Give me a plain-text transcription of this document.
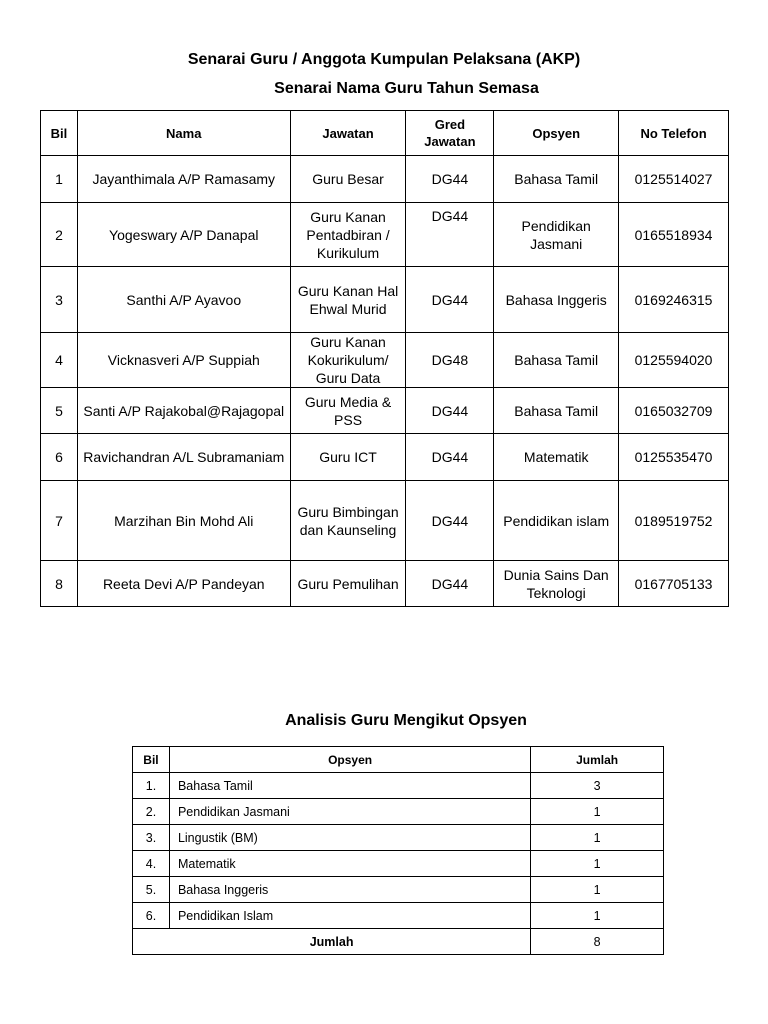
Senarai Guru / Anggota Kumpulan Pelaksana (AKP)
Senarai Nama Guru Tahun Semasa
Bil	Nama	Jawatan	Gred Jawatan	Opsyen	No Telefon
1	Jayanthimala A/P Ramasamy	Guru Besar	DG44	Bahasa Tamil	0125514027
2	Yogeswary A/P Danapal	Guru Kanan Pentadbiran / Kurikulum	DG44	Pendidikan Jasmani	0165518934
3	Santhi A/P Ayavoo	Guru Kanan Hal Ehwal Murid	DG44	Bahasa Inggeris	0169246315
4	Vicknasveri A/P Suppiah	Guru Kanan Kokurikulum/ Guru Data	DG48	Bahasa Tamil	0125594020
5	Santi A/P Rajakobal@Rajagopal	Guru Media & PSS	DG44	Bahasa Tamil	0165032709
6	Ravichandran A/L Subramaniam	Guru ICT	DG44	Matematik	0125535470
7	Marzihan Bin Mohd Ali	Guru Bimbingan dan Kaunseling	DG44	Pendidikan islam	0189519752
8	Reeta Devi A/P Pandeyan	Guru Pemulihan	DG44	Dunia Sains Dan Teknologi	0167705133
Analisis Guru Mengikut Opsyen
Bil	Opsyen	Jumlah
1.	Bahasa Tamil	3
2.	Pendidikan Jasmani	1
3.	Lingustik (BM)	1
4.	Matematik	1
5.	Bahasa Inggeris	1
6.	Pendidikan Islam	1
Jumlah		8
